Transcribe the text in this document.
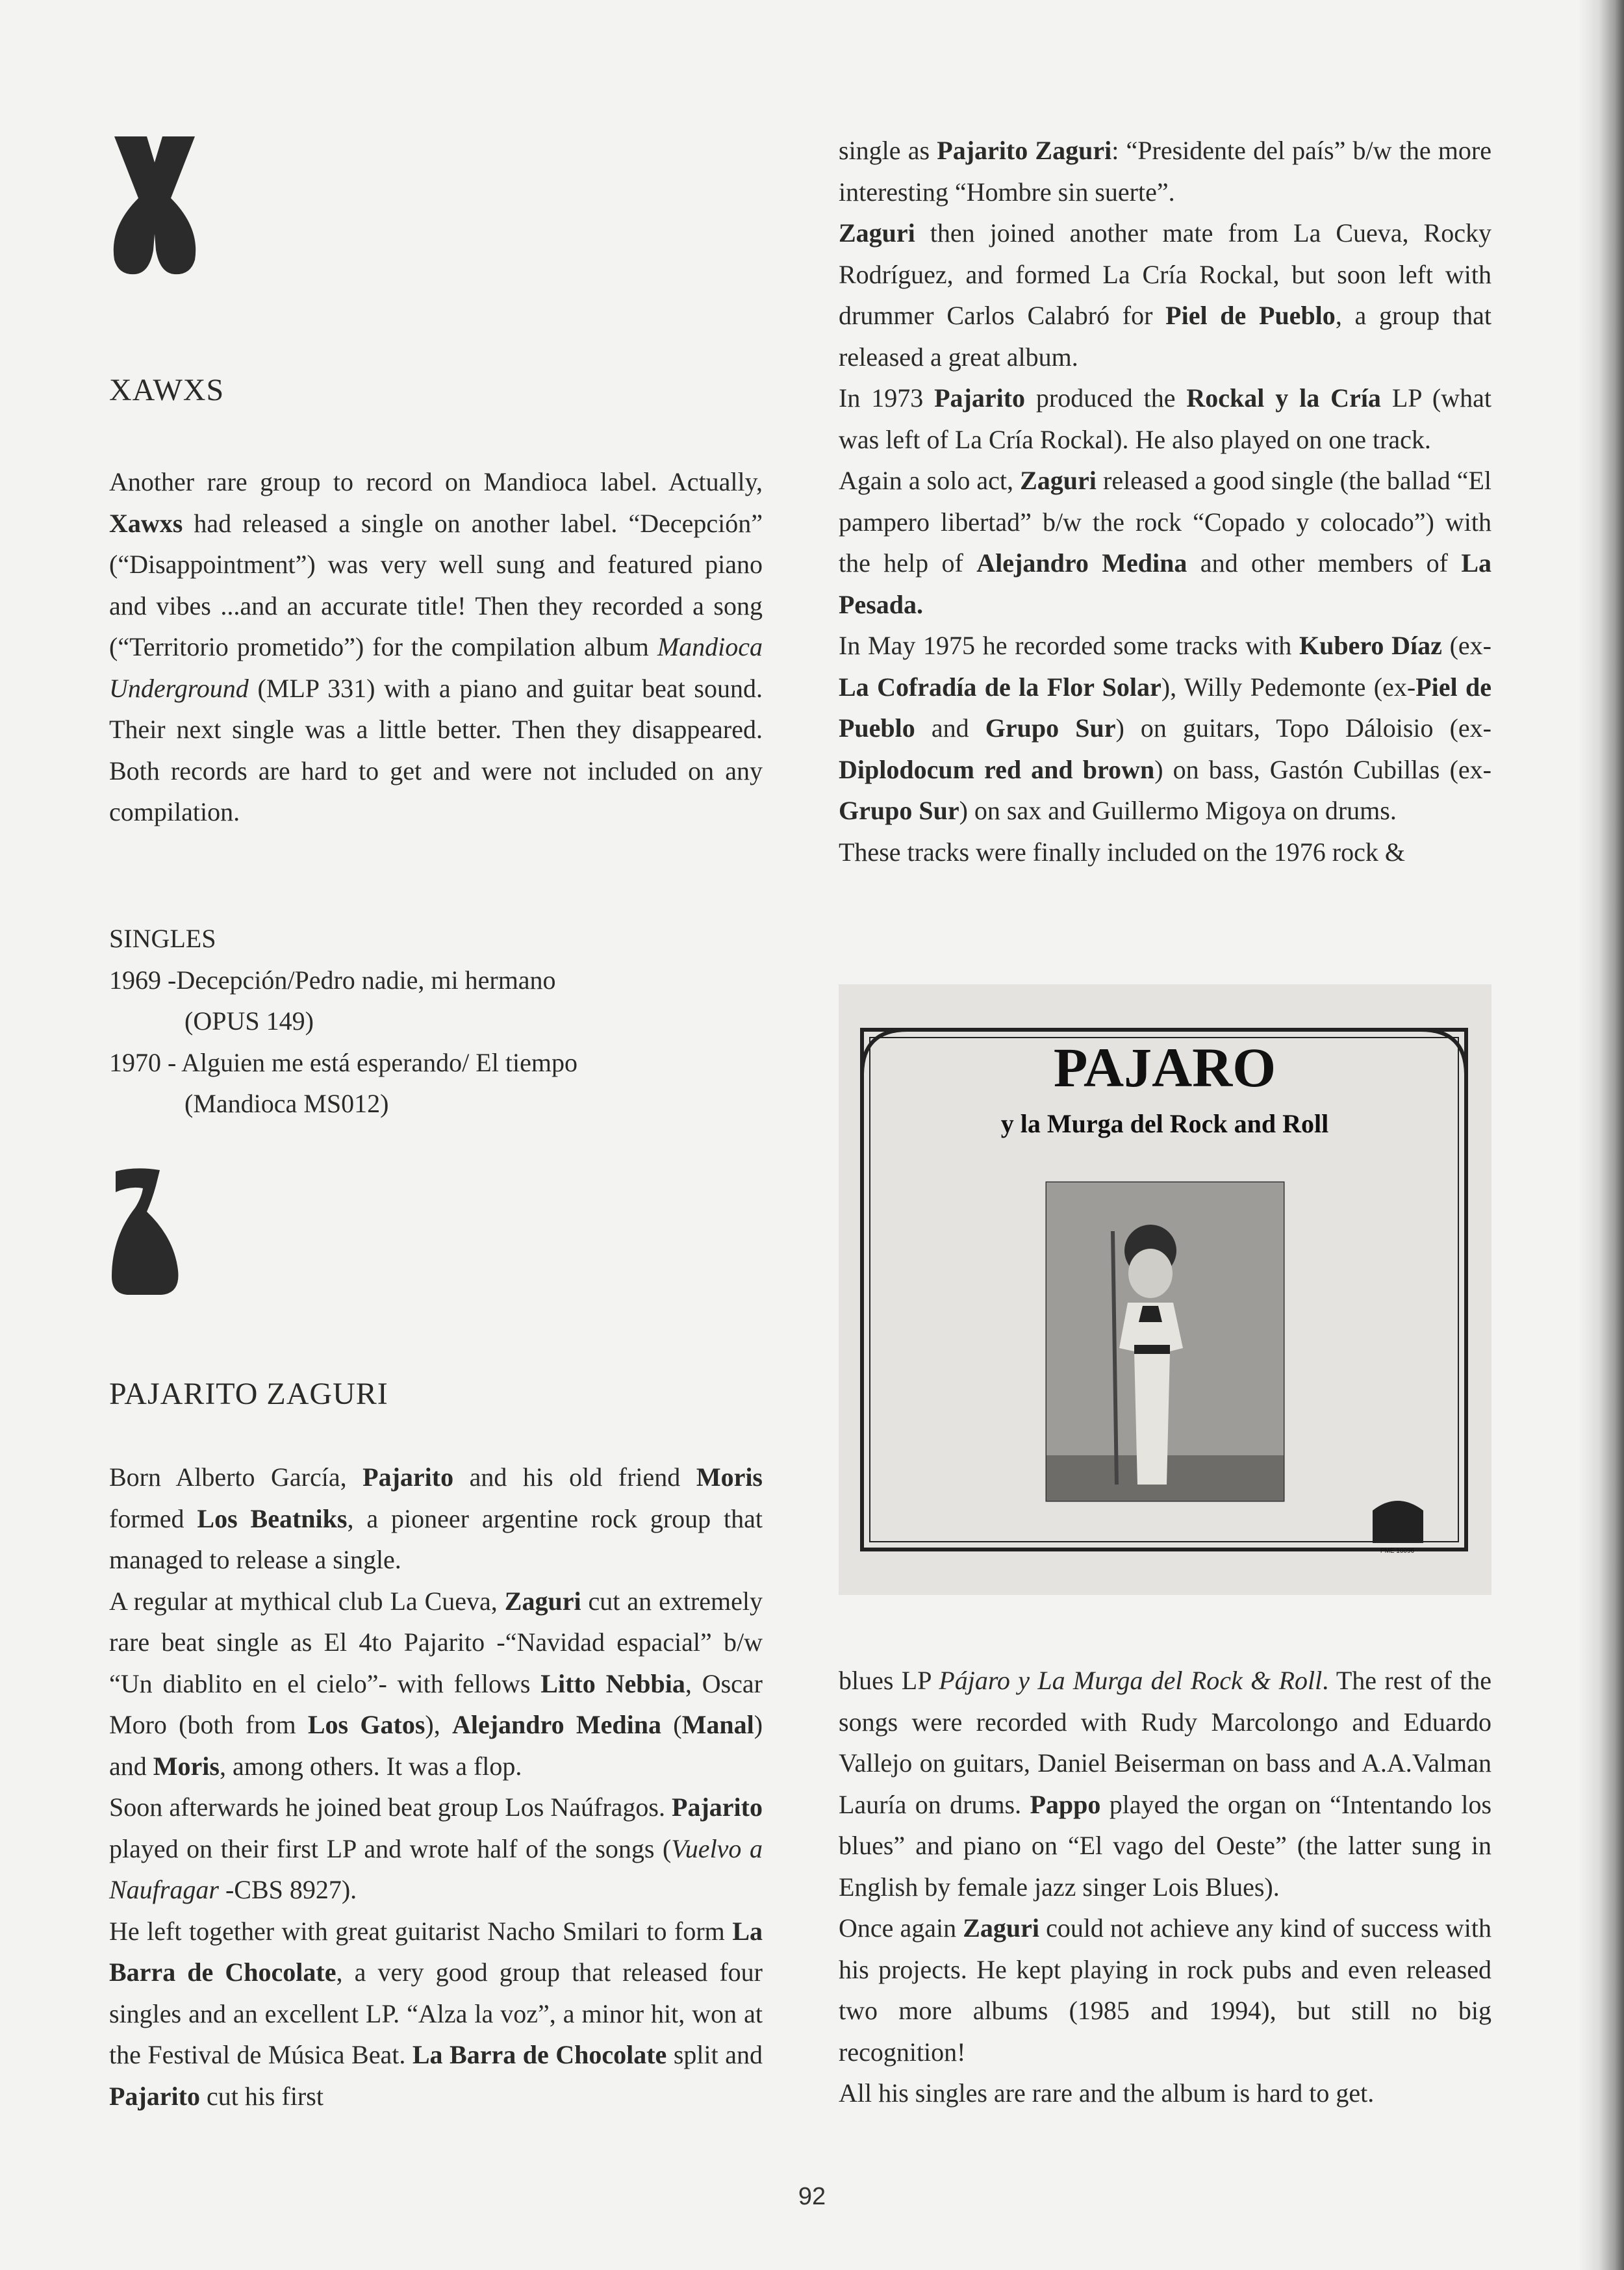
XAWXS

Another rare group to record on Mandioca label. Actually, Xawxs had released a single on another label. “Decepción” (“Disappointment”) was very well sung and featured piano and vibes ...and an accurate title! Then they recorded a song (“Territorio prometido”) for the compilation album Mandioca Underground (MLP 331) with a piano and guitar beat sound. Their next single was a little better. Then they disappeared. Both records are hard to get and were not included on any compilation.

SINGLES
1969 -Decepción/Pedro nadie, mi hermano
(OPUS 149)
1970 - Alguien me está esperando/ El tiempo
(Mandioca MS012)
PAJARITO ZAGURI

Born Alberto García, Pajarito and his old friend Moris formed Los Beatniks, a pioneer argentine rock group that managed to release a single.

A regular at mythical club La Cueva, Zaguri cut an extremely rare beat single as El 4to Pajarito -“Navidad espacial” b/w “Un diablito en el cielo”- with fellows Litto Nebbia, Oscar Moro (both from Los Gatos), Alejandro Medina (Manal) and Moris, among others. It was a flop.

Soon afterwards he joined beat group Los Naúfragos. Pajarito played on their first LP and wrote half of the songs (Vuelvo a Naufragar -CBS 8927).

He left together with great guitarist Nacho Smilari to form La Barra de Chocolate, a very good group that released four singles and an excellent LP. “Alza la voz”, a minor hit, won at the Festival de Música Beat. La Barra de Chocolate split and Pajarito cut his first

single as Pajarito Zaguri: “Presidente del país” b/w the more interesting “Hombre sin suerte”.

Zaguri then joined another mate from La Cueva, Rocky Rodríguez, and formed La Cría Rockal, but soon left with drummer Carlos Calabró for Piel de Pueblo, a group that released a great album.

In 1973 Pajarito produced the Rockal y la Cría LP (what was left of La Cría Rockal). He also played on one track.

Again a solo act, Zaguri released a good single (the ballad “El pampero libertad” b/w the rock “Copado y colocado”) with the help of Alejandro Medina and other members of La Pesada.

In May 1975 he recorded some tracks with Kubero Díaz (ex-La Cofradía de la Flor Solar), Willy Pedemonte (ex-Piel de Pueblo and Grupo Sur) on guitars, Topo Dáloisio (ex-Diplodocum red and brown) on bass, Gastón Cubillas (ex-Grupo Sur) on sax and Guillermo Migoya on drums.

These tracks were finally included on the 1976 rock &

PAJARO
y la Murga del Rock and Roll
PME 10096

blues LP Pájaro y La Murga del Rock & Roll. The rest of the songs were recorded with Rudy Marcolongo and Eduardo Vallejo on guitars, Daniel Beiserman on bass and A.A.Valman Lauría on drums. Pappo played the organ on “Intentando los blues” and piano on “El vago del Oeste” (the latter sung in English by female jazz singer Lois Blues).

Once again Zaguri could not achieve any kind of success with his projects. He kept playing in rock pubs and even released two more albums (1985 and 1994), but still no big recognition!

All his singles are rare and the album is hard to get.

92
